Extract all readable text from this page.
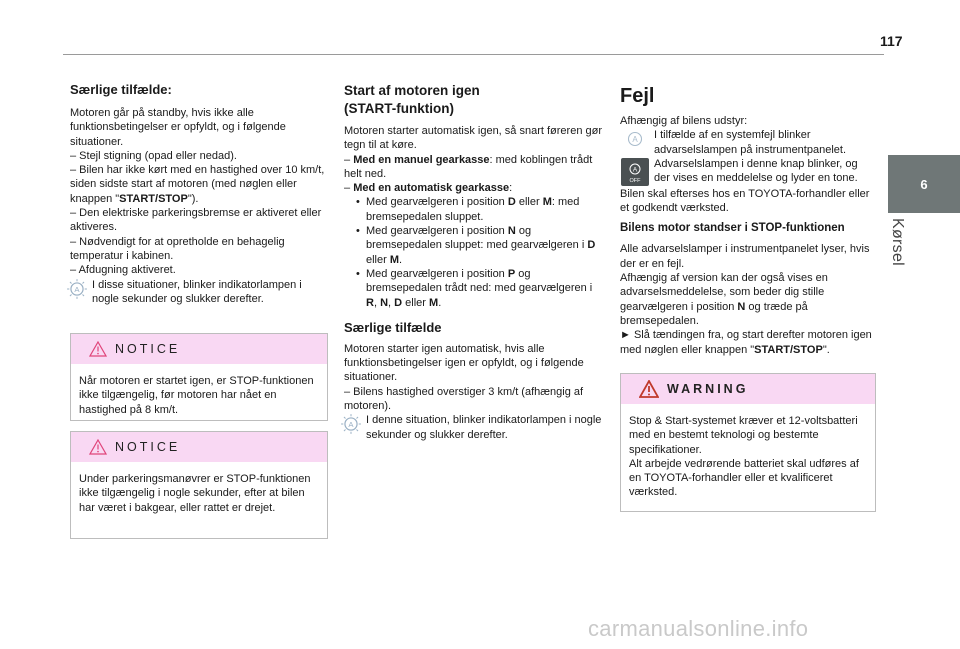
117
6
Kørsel
Særlige tilfælde:

Motoren går på standby, hvis ikke alle funktionsbetingelser er opfyldt, og i følgende situationer.

– Stejl stigning (opad eller nedad).

– Bilen har ikke kørt med en hastighed over 10 km/t, siden sidste start af motoren (med nøglen eller knappen "START/STOP").

– Den elektriske parkeringsbremse er aktiveret eller aktiveres.

– Nødvendigt for at opretholde en behagelig temperatur i kabinen.

– Afdugning aktiveret.

A I disse situationer, blinker indikatorlampen i nogle sekunder og slukker derefter.
NOTICE
Når motoren er startet igen, er STOP-funktionen ikke tilgængelig, før motoren har nået en hastighed på 8 km/t.
NOTICE
Under parkeringsmanøvrer er STOP-funktionen ikke tilgængelig i nogle sekunder, efter at bilen har været i bakgear, eller rattet er drejet.
Start af motoren igen
(START-funktion)

Motoren starter automatisk igen, så snart føreren gør tegn til at køre.

– Med en manuel gearkasse: med koblingen trådt helt ned.

– Med en automatisk gearkasse:

• Med gearvælgeren i position D eller M: med bremsepedalen sluppet.

• Med gearvælgeren i position N og bremsepedalen sluppet: med gearvælgeren i D eller M.

• Med gearvælgeren i position P og bremsepedalen trådt ned: med gearvælgeren i R, N, D eller M.

Særlige tilfælde

Motoren starter igen automatisk, hvis alle funktionsbetingelser igen er opfyldt, og i følgende situationer.

– Bilens hastighed overstiger 3 km/t (afhængig af motoren).

A I denne situation, blinker indikatorlampen i nogle sekunder og slukker derefter.
Fejl

Afhængig af bilens udstyr:

A I tilfælde af en systemfejl blinker advarselslampen på instrumentpanelet.
A
OFF
Advarselslampen i denne knap blinker, og der vises en meddelelse og lyder en tone.

Bilen skal efterses hos en TOYOTA-forhandler eller et godkendt værksted.

Bilens motor standser i STOP-funktionen

Alle advarselslamper i instrumentpanelet lyser, hvis der er en fejl.

Afhængig af version kan der også vises en advarselsmeddelelse, som beder dig stille gearvælgeren i position N og træde på bremsepedalen.

► Slå tændingen fra, og start derefter motoren igen med nøglen eller knappen "START/STOP".

WARNING

Stop & Start-systemet kræver et 12-voltsbatteri med en bestemt teknologi og bestemte specifikationer.

Alt arbejde vedrørende batteriet skal udføres af en TOYOTA-forhandler eller et kvalificeret værksted.

carmanualsonline.info
